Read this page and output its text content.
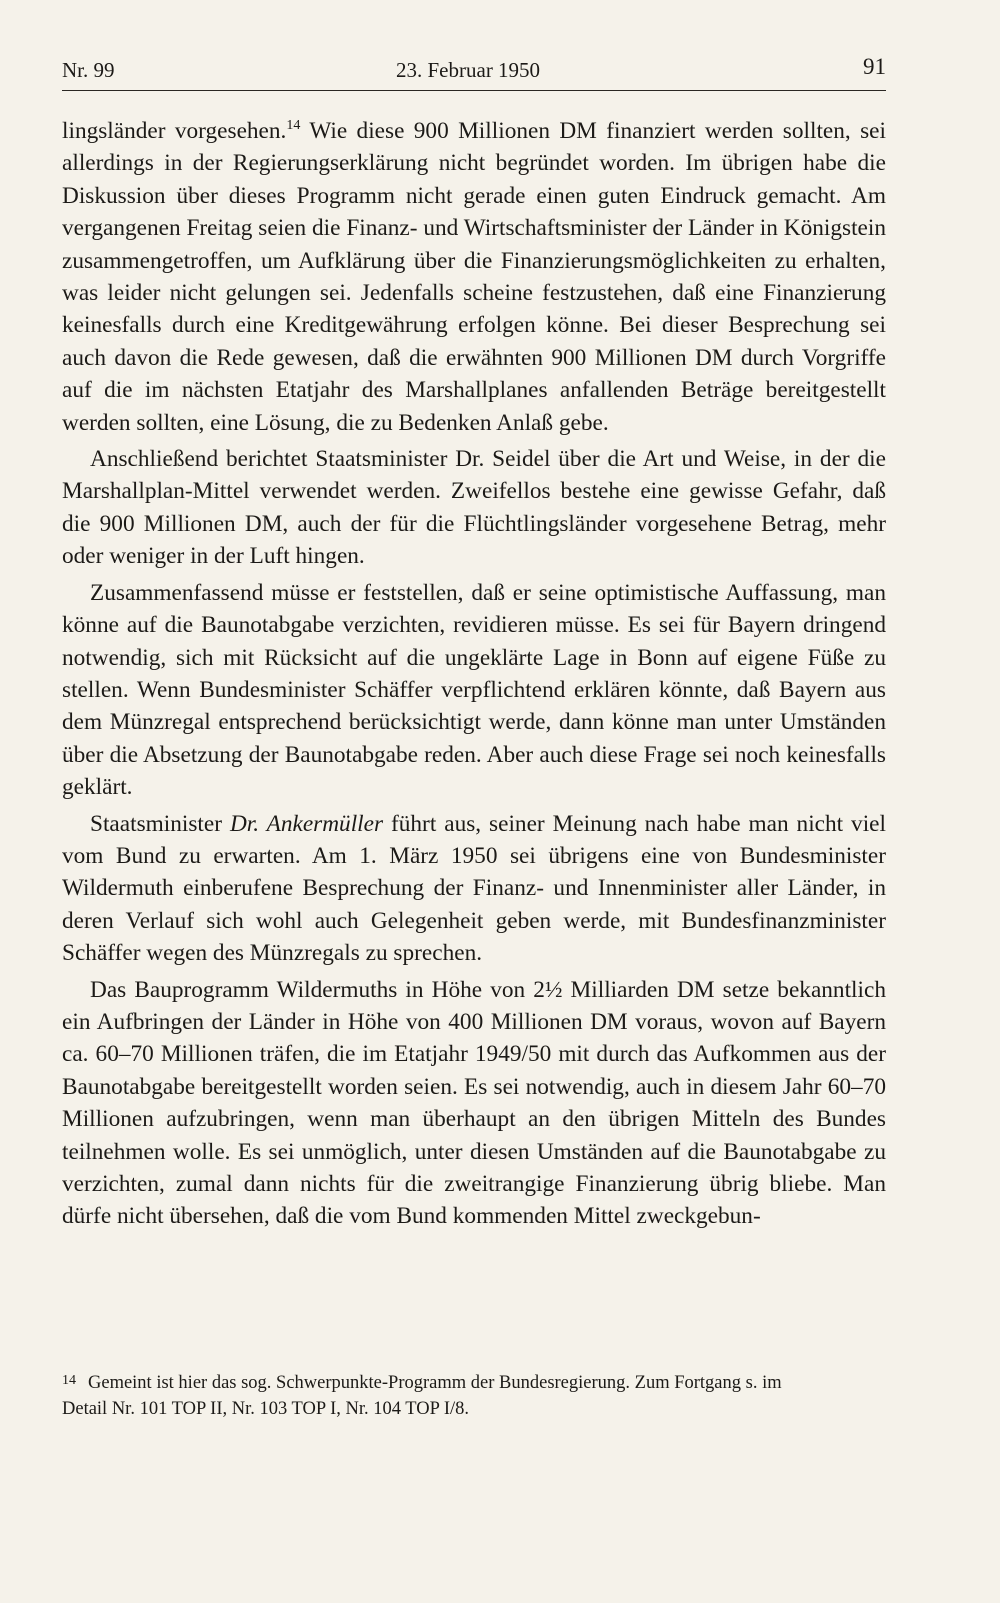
Nr. 99	23. Februar 1950	91

lingsländer vorgesehen.$^{14}$ Wie diese 900 Millionen DM finanziert werden sollten, sei allerdings in der Regierungserklärung nicht begründet worden. Im übrigen habe die Diskussion über dieses Programm nicht gerade einen guten Eindruck gemacht. Am vergangenen Freitag seien die Finanz- und Wirtschaftsminister der Länder in Königstein zusammengetroffen, um Aufklärung über die Finanzierungsmöglichkeiten zu erhalten, was leider nicht gelungen sei. Jedenfalls scheine festzustehen, daß eine Finanzierung keinesfalls durch eine Kreditgewährung erfolgen könne. Bei dieser Besprechung sei auch davon die Rede gewesen, daß die erwähnten 900 Millionen DM durch Vorgriffe auf die im nächsten Etatjahr des Marshallplanes anfallenden Beträge bereitgestellt werden sollten, eine Lösung, die zu Bedenken Anlaß gebe.

Anschließend berichtet Staatsminister Dr. Seidel über die Art und Weise, in der die Marshallplan-Mittel verwendet werden. Zweifellos bestehe eine gewisse Gefahr, daß die 900 Millionen DM, auch der für die Flüchtlingsländer vorgesehene Betrag, mehr oder weniger in der Luft hingen.

Zusammenfassend müsse er feststellen, daß er seine optimistische Auffassung, man könne auf die Baunotabgabe verzichten, revidieren müsse. Es sei für Bayern dringend notwendig, sich mit Rücksicht auf die ungeklärte Lage in Bonn auf eigene Füße zu stellen. Wenn Bundesminister Schäffer verpflichtend erklären könnte, daß Bayern aus dem Münzregal entsprechend berücksichtigt werde, dann könne man unter Umständen über die Absetzung der Baunotabgabe reden. Aber auch diese Frage sei noch keinesfalls geklärt.

Staatsminister Dr. Ankermüller führt aus, seiner Meinung nach habe man nicht viel vom Bund zu erwarten. Am 1. März 1950 sei übrigens eine von Bundesminister Wildermuth einberufene Besprechung der Finanz- und Innenminister aller Länder, in deren Verlauf sich wohl auch Gelegenheit geben werde, mit Bundesfinanzminister Schäffer wegen des Münzregals zu sprechen.

Das Bauprogramm Wildermuths in Höhe von 2½ Milliarden DM setze bekanntlich ein Aufbringen der Länder in Höhe von 400 Millionen DM voraus, wovon auf Bayern ca. 60–70 Millionen träfen, die im Etatjahr 1949/50 mit durch das Aufkommen aus der Baunotabgabe bereitgestellt worden seien. Es sei notwendig, auch in diesem Jahr 60–70 Millionen aufzubringen, wenn man überhaupt an den übrigen Mitteln des Bundes teilnehmen wolle. Es sei unmöglich, unter diesen Umständen auf die Baunotabgabe zu verzichten, zumal dann nichts für die zweitrangige Finanzierung übrig bliebe. Man dürfe nicht übersehen, daß die vom Bund kommenden Mittel zweckgebun-

14 Gemeint ist hier das sog. Schwerpunkte-Programm der Bundesregierung. Zum Fortgang s. im
Detail Nr. 101 TOP II, Nr. 103 TOP I, Nr. 104 TOP I/8.
